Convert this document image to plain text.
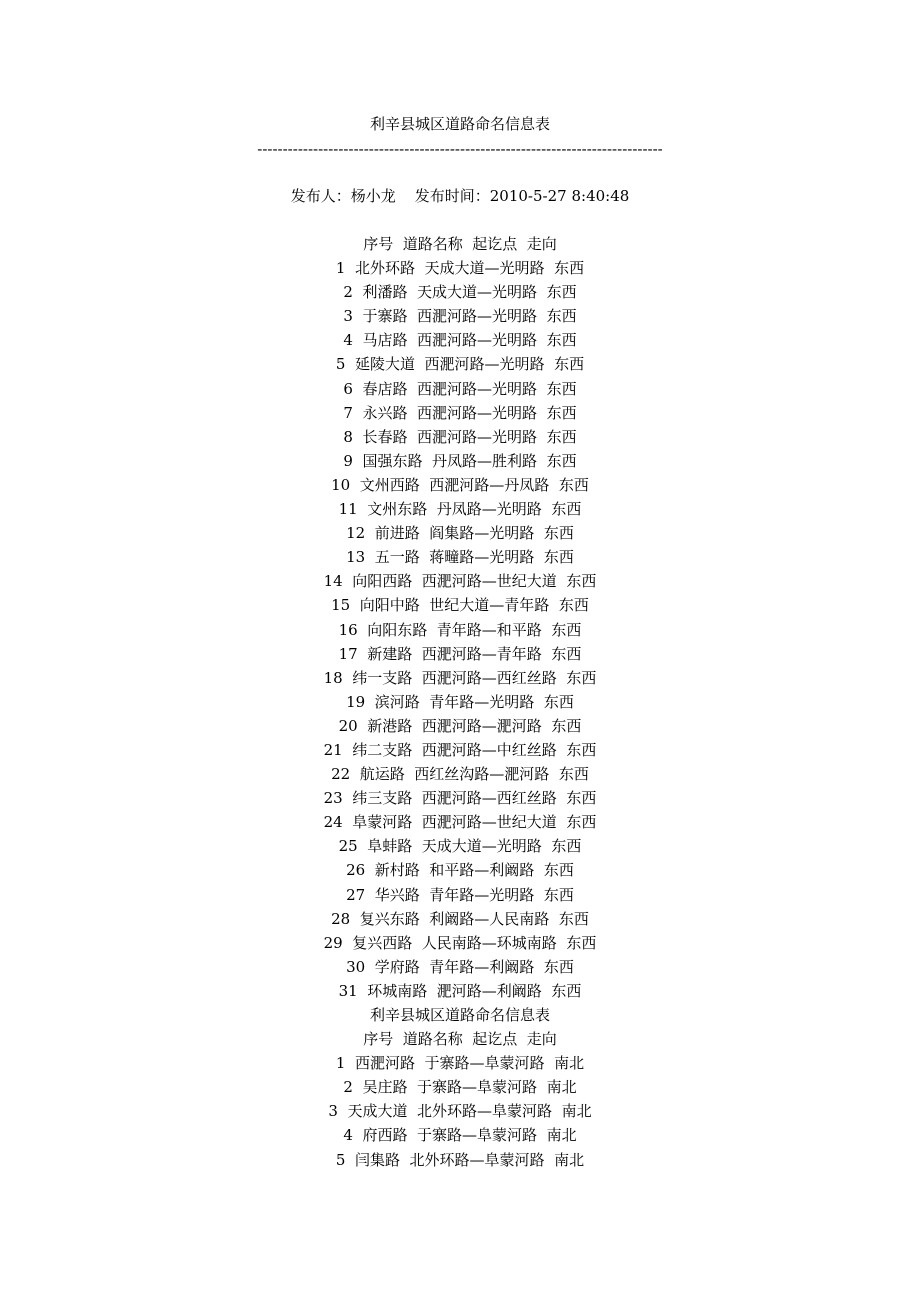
利辛县城区道路命名信息表
--------------------------------------------------------------------------------
发布人：杨小龙    发布时间：2010-5-27 8:40:48
序号  道路名称  起讫点  走向
1  北外环路  天成大道—光明路  东西
2  利潘路  天成大道—光明路  东西
3  于寨路  西淝河路—光明路  东西
4  马店路  西淝河路—光明路  东西
5  延陵大道  西淝河路—光明路  东西
6  春店路  西淝河路—光明路  东西
7  永兴路  西淝河路—光明路  东西
8  长春路  西淝河路—光明路  东西
9  国强东路  丹凤路—胜利路  东西
10  文州西路  西淝河路—丹凤路  东西
11  文州东路  丹凤路—光明路  东西
12  前进路  阎集路—光明路  东西
13  五一路  蒋疃路—光明路  东西
14  向阳西路  西淝河路—世纪大道  东西
15  向阳中路  世纪大道—青年路  东西
16  向阳东路  青年路—和平路  东西
17  新建路  西淝河路—青年路  东西
18  纬一支路  西淝河路—西红丝路  东西
19  滨河路  青年路—光明路  东西
20  新港路  西淝河路—淝河路  东西
21  纬二支路  西淝河路—中红丝路  东西
22  航运路  西红丝沟路—淝河路  东西
23  纬三支路  西淝河路—西红丝路  东西
24  阜蒙河路  西淝河路—世纪大道  东西
25  阜蚌路  天成大道—光明路  东西
26  新村路  和平路—利阚路  东西
27  华兴路  青年路—光明路  东西
28  复兴东路  利阚路—人民南路  东西
29  复兴西路  人民南路—环城南路  东西
30  学府路  青年路—利阚路  东西
31  环城南路  淝河路—利阚路  东西
利辛县城区道路命名信息表
序号  道路名称  起讫点  走向
1  西淝河路  于寨路—阜蒙河路  南北
2  吴庄路  于寨路—阜蒙河路  南北
3  天成大道  北外环路—阜蒙河路  南北
4  府西路  于寨路—阜蒙河路  南北
5  闫集路  北外环路—阜蒙河路  南北
